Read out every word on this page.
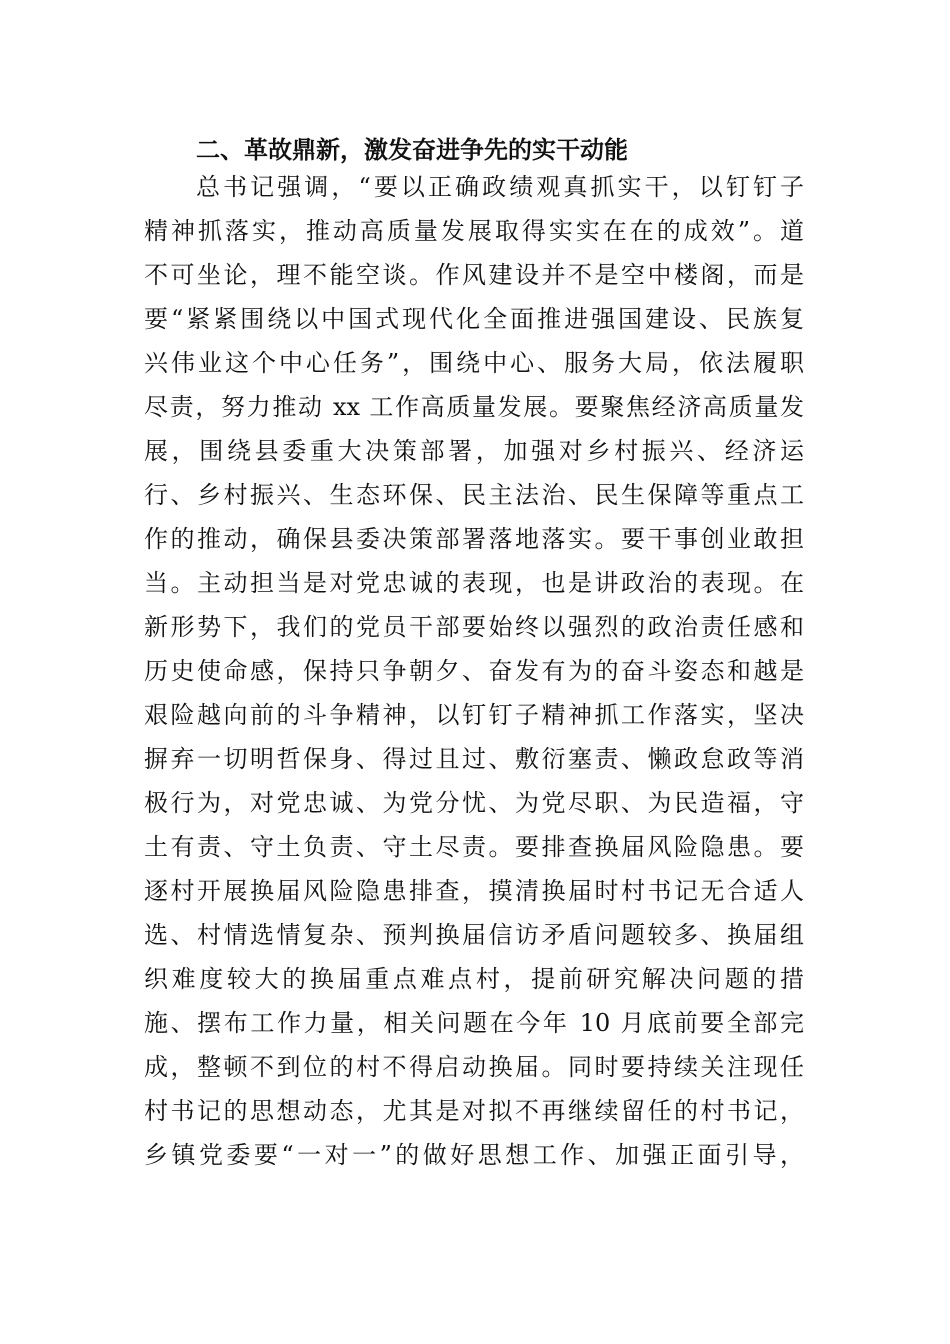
二、革故鼎新，激发奋进争先的实干动能

总书记强调，“要以正确政绩观真抓实干，以钉钉子

精神抓落实，推动高质量发展取得实实在在的成效”。道

不可坐论，理不能空谈。作风建设并不是空中楼阁，而是

要“紧紧围绕以中国式现代化全面推进强国建设、民族复

兴伟业这个中心任务”，围绕中心、服务大局，依法履职

尽责，努力推动 xx 工作高质量发展。要聚焦经济高质量发

展，围绕县委重大决策部署，加强对乡村振兴、经济运

行、乡村振兴、生态环保、民主法治、民生保障等重点工

作的推动，确保县委决策部署落地落实。要干事创业敢担

当。主动担当是对党忠诚的表现，也是讲政治的表现。在

新形势下，我们的党员干部要始终以强烈的政治责任感和

历史使命感，保持只争朝夕、奋发有为的奋斗姿态和越是

艰险越向前的斗争精神，以钉钉子精神抓工作落实，坚决

摒弃一切明哲保身、得过且过、敷衍塞责、懒政怠政等消

极行为，对党忠诚、为党分忧、为党尽职、为民造福，守

土有责、守土负责、守土尽责。要排查换届风险隐患。要

逐村开展换届风险隐患排查，摸清换届时村书记无合适人

选、村情选情复杂、预判换届信访矛盾问题较多、换届组

织难度较大的换届重点难点村，提前研究解决问题的措

施、摆布工作力量，相关问题在今年 10 月底前要全部完

成，整顿不到位的村不得启动换届。同时要持续关注现任

村书记的思想动态，尤其是对拟不再继续留任的村书记，

乡镇党委要“一对一”的做好思想工作、加强正面引导，
